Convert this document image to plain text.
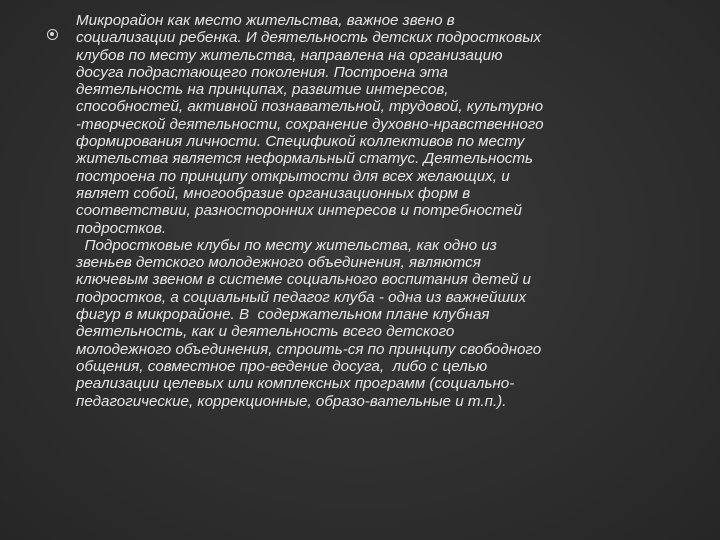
Микрорайон как место жительства, важное звено в
социализации ребенка. И деятельность детских подростковых
клубов по месту жительства, направлена на организацию
досуга подрастающего поколения. Построена эта
деятельность на принципах, развитие интересов,
способностей, активной познавательной, трудовой, культурно
-творческой деятельности, сохранение духовно-нравственного
формирования личности. Спецификой коллективов по месту
жительства является неформальный статус. Деятельность
построена по принципу открытости для всех желающих, и
являет собой, многообразие организационных форм в
соответствии, разносторонних интересов и потребностей
подростков.
Подростковые клубы по месту жительства, как одно из
звеньев детского молодежного объединения, являются
ключевым звеном в системе социального воспитания детей и
подростков, а социальный педагог клуба - одна из важнейших
фигур в микрорайоне. В  содержательном плане клубная
деятельность, как и деятельность всего детского
молодежного объединения, строить-ся по принципу свободного
общения, совместное про-ведение досуга,  либо с целью
реализации целевых или комплексных программ (социально-
педагогические, коррекционные, образо-вательные и т.п.).
